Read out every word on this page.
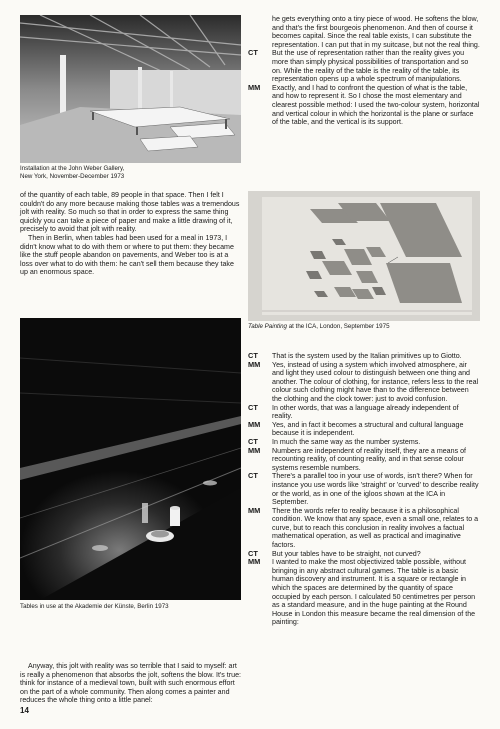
Installation at the John Weber Gallery,
New York, November-December 1973

of the quantity of each table, 89 people in that space. Then I felt I couldn't do any more because making those tables was a tremendous jolt with reality. So much so that in order to express the same thing quickly you can take a piece of paper and make a little drawing of it, precisely to avoid that jolt with reality.

Then in Berlin, when tables had been used for a meal in 1973, I didn't know what to do with them or where to put them: they became like the stuff people abandon on pavements, and Weber too is at a loss over what to do with them: he can't sell them because they take up an enormous space.

Tables in use at the Akademie der Künste, Berlin 1973

Anyway, this jolt with reality was so terrible that I said to myself: art is really a phenomenon that absorbs the jolt, softens the blow. It's true: think for instance of a medieval town, built with such enormous effort on the part of a whole community. Then along comes a painter and reduces the whole thing onto a little panel:

14
he gets everything onto a tiny piece of wood. He softens the blow, and that's the first bourgeois phenomenon. And then of course it becomes capital. Since the real table exists, I can substitute the representation. I can put that in my suitcase, but not the real thing.
CT	But the use of representation rather than the reality gives you more than simply physical possibilities of transportation and so on. While the reality of the table is the reality of the table, its representation opens up a whole spectrum of manipulations.
MM	Exactly, and I had to confront the question of what is the table, and how to represent it. So I chose the most elementary and clearest possible method: I used the two-colour system, horizontal and vertical colour in which the horizontal is the plane or surface of the table, and the vertical is its support.
Table Painting at the ICA, London, September 1975
CT	That is the system used by the Italian primitives up to Giotto.
MM	Yes, instead of using a system which involved atmosphere, air and light they used colour to distinguish between one thing and another. The colour of clothing, for instance, refers less to the real colour such clothing might have than to the difference between the clothing and the clock tower: just to avoid confusion.
CT	In other words, that was a language already independent of reality.
MM	Yes, and in fact it becomes a structural and cultural language because it is independent.
CT	In much the same way as the number systems.
MM	Numbers are independent of reality itself, they are a means of recounting reality, of counting reality, and in that sense colour systems resemble numbers.
CT	There's a parallel too in your use of words, isn't there? When for instance you use words like 'straight' or 'curved' to describe reality or the world, as in one of the igloos shown at the ICA in September.
MM	There the words refer to reality because it is a philosophical condition. We know that any space, even a small one, relates to a curve, but to reach this conclusion in reality involves a factual mathematical operation, as well as practical and imaginative factors.
CT	But your tables have to be straight, not curved?
MM	I wanted to make the most objectivized table possible, without bringing in any abstract cultural games. The table is a basic human discovery and instrument. It is a square or rectangle in which the spaces are determined by the quantity of space occupied by each person. I calculated 50 centimetres per person as a standard measure, and in the huge painting at the Round House in London this measure became the real dimension of the painting:
